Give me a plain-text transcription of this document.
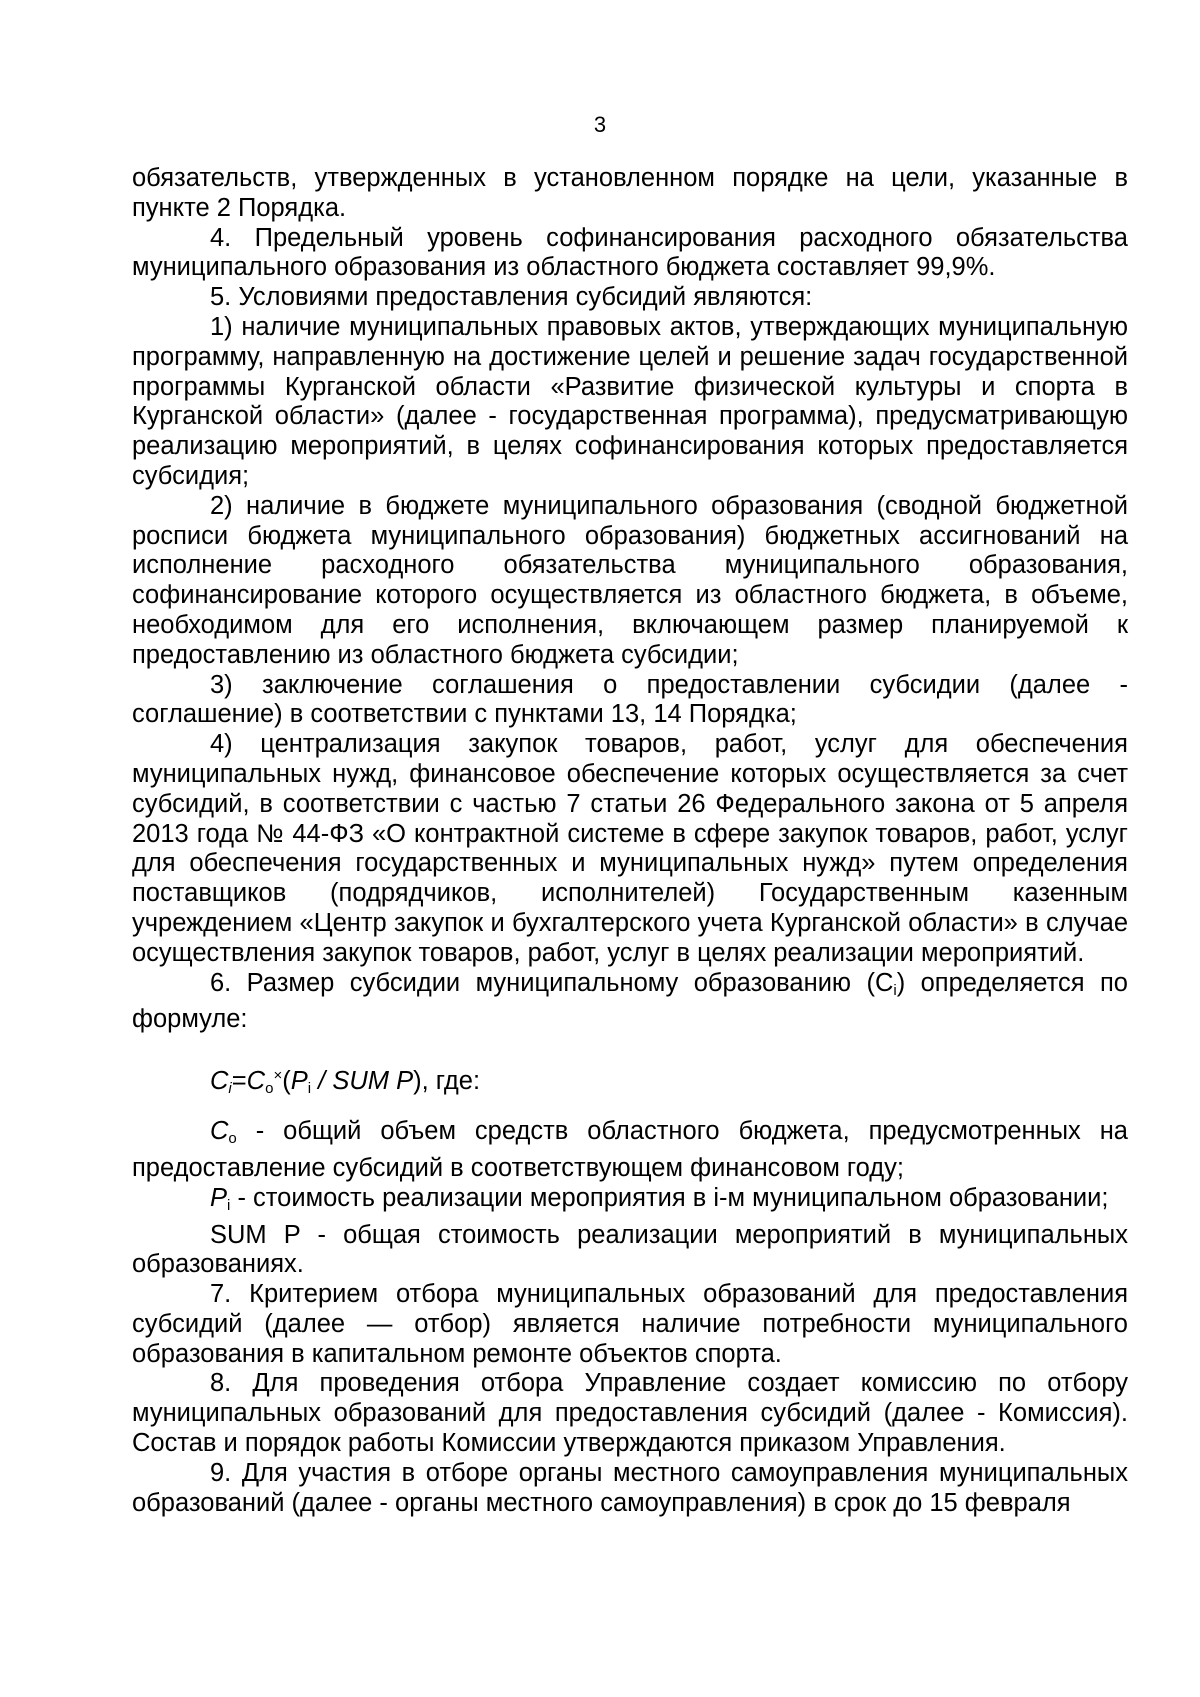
3

обязательств, утвержденных в установленном порядке на цели, указанные в пункте 2 Порядка.

4. Предельный уровень софинансирования расходного обязательства муниципального образования из областного бюджета составляет 99,9%.

5. Условиями предоставления субсидий являются:

1) наличие муниципальных правовых актов, утверждающих муниципальную программу, направленную на достижение целей и решение задач государственной программы Курганской области «Развитие физической культуры и спорта в Курганской области» (далее - государственная программа), предусматривающую реализацию мероприятий, в целях софинансирования которых предоставляется субсидия;

2) наличие в бюджете муниципального образования (сводной бюджетной росписи бюджета муниципального образования) бюджетных ассигнований на исполнение расходного обязательства муниципального образования, софинансирование которого осуществляется из областного бюджета, в объеме, необходимом для его исполнения, включающем размер планируемой к предоставлению из областного бюджета субсидии;

3) заключение соглашения о предоставлении субсидии (далее - соглашение) в соответствии с пунктами 13, 14 Порядка;

4) централизация закупок товаров, работ, услуг для обеспечения муниципальных нужд, финансовое обеспечение которых осуществляется за счет субсидий, в соответствии с частью 7 статьи 26 Федерального закона от 5 апреля 2013 года № 44-ФЗ «О контрактной системе в сфере закупок товаров, работ, услуг для обеспечения государственных и муниципальных нужд» путем определения поставщиков (подрядчиков, исполнителей) Государственным казенным учреждением «Центр закупок и бухгалтерского учета Курганской области» в случае осуществления закупок товаров, работ, услуг в целях реализации мероприятий.

6. Размер субсидии муниципальному образованию $(C_i)$ определяется по формуле:

$C_i=C_o^\times(P_i$ / SUM P), где:

$C_o$ - общий объем средств областного бюджета, предусмотренных на предоставление субсидий в соответствующем финансовом году;

$P_i$ - стоимость реализации мероприятия в i-м муниципальном образовании;

SUM P - общая стоимость реализации мероприятий в муниципальных образованиях.

7. Критерием отбора муниципальных образований для предоставления субсидий (далее — отбор) является наличие потребности муниципального образования в капитальном ремонте объектов спорта.

8. Для проведения отбора Управление создает комиссию по отбору муниципальных образований для предоставления субсидий (далее - Комиссия). Состав и порядок работы Комиссии утверждаются приказом Управления.

9. Для участия в отборе органы местного самоуправления муниципальных образований (далее - органы местного самоуправления) в срок до 15 февраля
